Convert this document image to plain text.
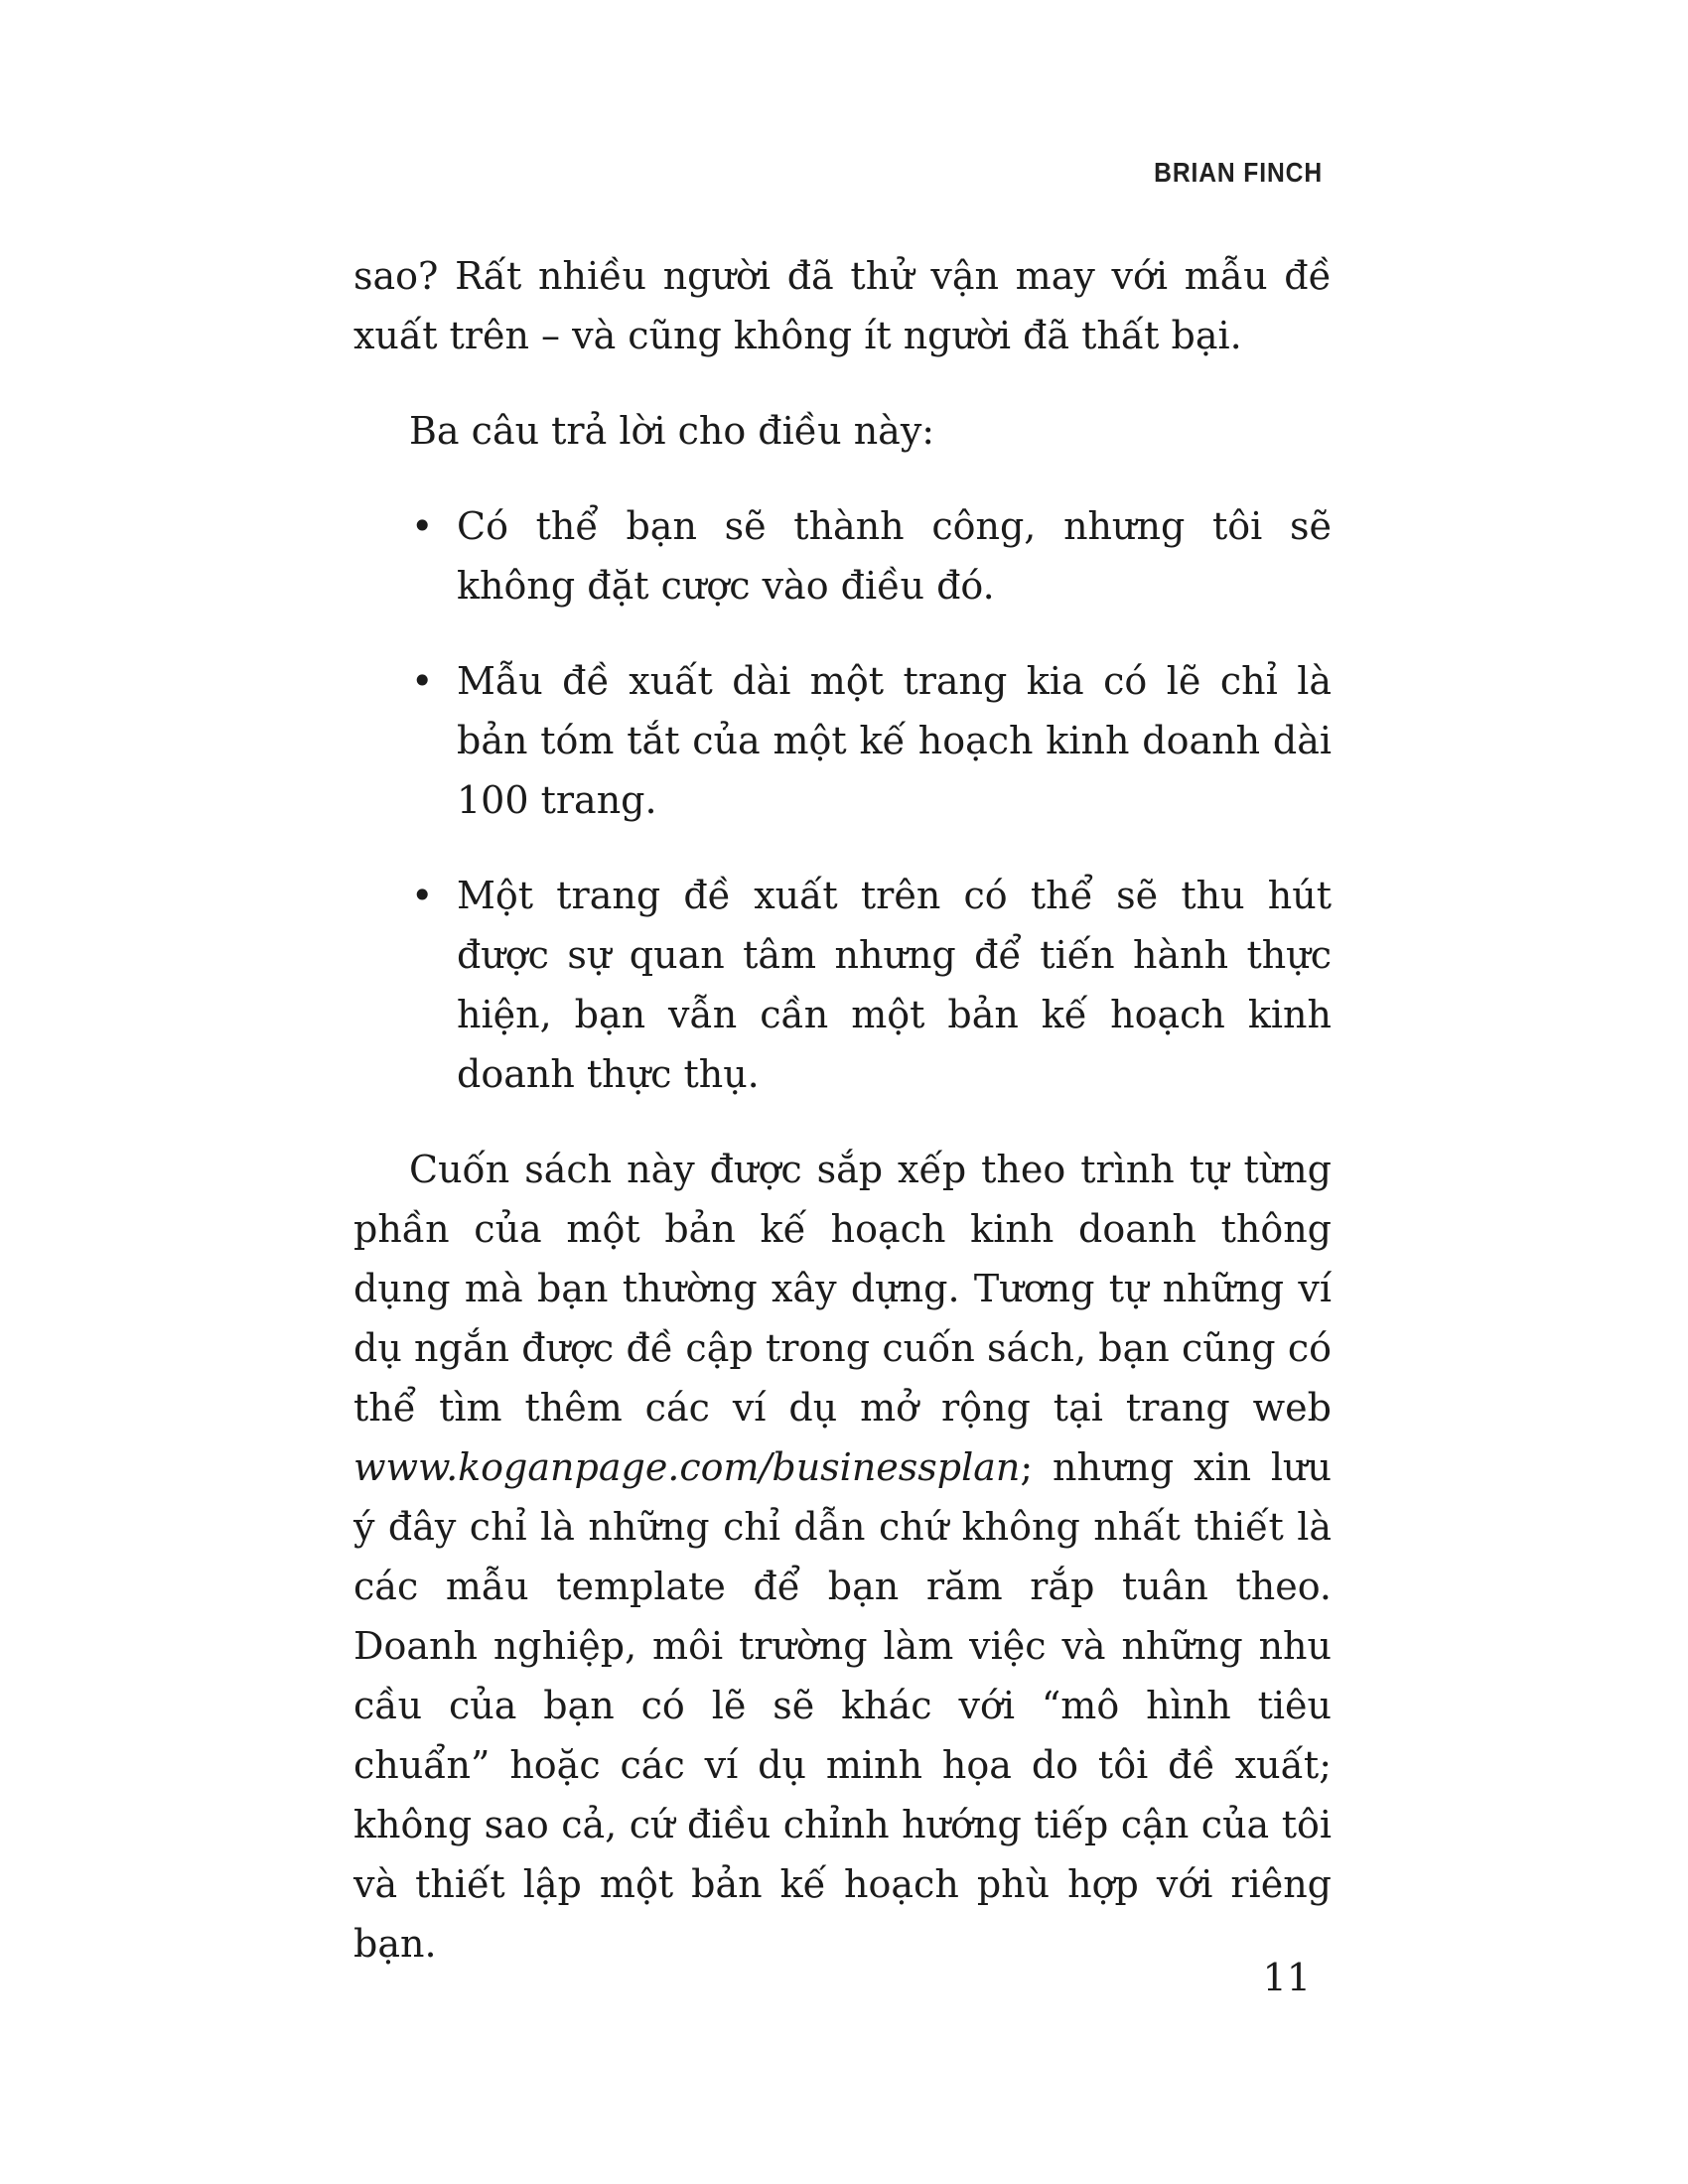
BRIAN FINCH

sao? Rất nhiều người đã thử vận may với mẫu đề xuất trên – và cũng không ít người đã thất bại.

Ba câu trả lời cho điều này:

• Có thể bạn sẽ thành công, nhưng tôi sẽ không đặt cược vào điều đó.
• Mẫu đề xuất dài một trang kia có lẽ chỉ là bản tóm tắt của một kế hoạch kinh doanh dài 100 trang.
• Một trang đề xuất trên có thể sẽ thu hút được sự quan tâm nhưng để tiến hành thực hiện, bạn vẫn cần một bản kế hoạch kinh doanh thực thụ.

Cuốn sách này được sắp xếp theo trình tự từng phần của một bản kế hoạch kinh doanh thông dụng mà bạn thường xây dựng. Tương tự những ví dụ ngắn được đề cập trong cuốn sách, bạn cũng có thể tìm thêm các ví dụ mở rộng tại trang web www.koganpage.com/businessplan; nhưng xin lưu ý đây chỉ là những chỉ dẫn chứ không nhất thiết là các mẫu template để bạn răm rắp tuân theo. Doanh nghiệp, môi trường làm việc và những nhu cầu của bạn có lẽ sẽ khác với “mô hình tiêu chuẩn” hoặc các ví dụ minh họa do tôi đề xuất; không sao cả, cứ điều chỉnh hướng tiếp cận của tôi và thiết lập một bản kế hoạch phù hợp với riêng bạn.

11
